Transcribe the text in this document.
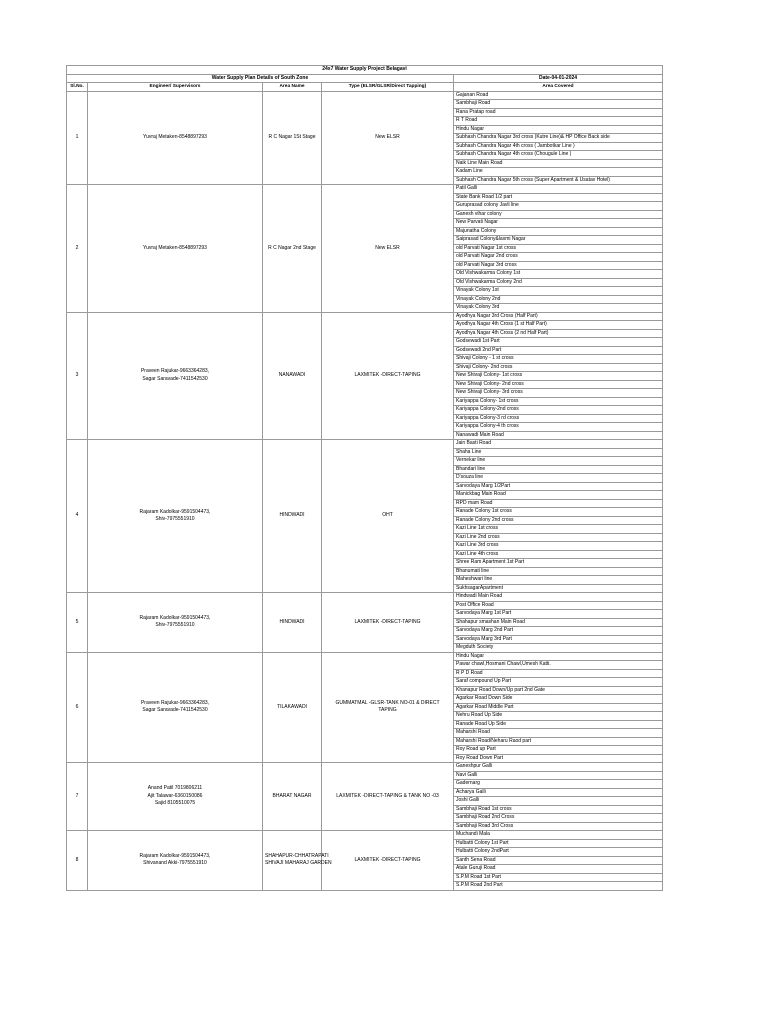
24x7 Water Supply Project Belagavi				
Water Supply Plan Details of South Zone				Date-04-01-2024
Sl.No.	Engineer/ Supervisors	Area Name	Type (ELSR/GLSR/Direct Tapping)	Area Covered
1	Yuvraj Metaken-8548897293	R C Nagar 1St Stage	New ELSR	Gajanan Road
				Sambhaji Road
				Rana Pratap road
				R T Road
				Hindu Nagar
				Subhash Chandra Nagar 3rd cross (Kutre Line)& HP Office Back side
				Subhash Chandra Nagar 4th cross ( Jambotkar Line )
				Subhash Chandra Nagar 4th cross (Chougule Line )
				Naik Line Main Road
				Kadam Line
				Subhash Chandra Nagar 5th cross (Super Apartment & Usatav Hotel)
2	Yuvraj Metaken-8548897293	R C Nagar 2nd Stage	New ELSR	Patil Galli
				State Bank Road 1/2 part
				Guruprasad colony Javli line
				Ganesh vihar colony
				New Parvati Nagar
				Majunatha Colony
				Saiprasad Colony&laxmi Nagar
				old Parvati Nagar 1st cross
				old Parvati Nagar 2nd cross
				old Parvati Nagar 3rd cross
				Old Vishwakarma Colony 1st
				Old Vishwakarma Colony 2nd
				Vinayak Colony 1st
				Vinayak Colony 2nd
				Vinayak Colony 3rd
3	Praveen Rajukar-9663364283,
Sagar Saravade-7411542530	NANAWADI	LAXMITEK -DIRECT-TAPING	Ayodhya Nagar 3rd Cross (Half Part)
				Ayodhya Nagar 4th Cross (1 st Half Part)
				Ayodhya Nagar 4th Cross (2 nd Half Part)
				Godsewadi 1st Part
				Godsewadi 2nd Part
				Shivaji Colony - 1 st cross
				Shivaji Colony- 2nd cross
				New Shivaji Colony- 1st cross
				New Shivaji Colony- 2nd cross
				New Shivaji Colony- 3rd cross
				Kariyappa Colony- 1st cross
				Kariyappa Colony-2nd cross
				Kariyappa Colony-3 rd cross
				Kariyappa Colony-4 th cross
				Nanawadi Main Road
4	Rajaram Kadolkar-9591504473,
Shiv-7975551910	HINDWADI	OHT	Jain Basti Road
				Shaha Line
				Vernekar line
				Bhandari line
				D'souza line
				Sarvodaya Marg 1/2Part
				Manickbag Main Road
				RPD mam Road
				Ranade Colony 1st cross
				Ranade Colony 2nd cross
				Kazi Line 1st cross
				Kazi Line 2nd cross
				Kazi Line 3rd cross
				Kazi Line 4th cross
				Shree Ram Apartment 1st Part
				Bhanumati line
				Maheshwari line
				SukhsagarApartment
5	Rajaram Kadolkar-9591504473,
Shiv-7975551910	HINDWADI	LAXMITEK -DIRECT-TAPING	Hindwadi Main Road
				Post Office Road
				Sarvodaya Marg 1st Part
				Shahapur smashan Main Road
				Sarvodaya Marg 2nd Part
				Sarvodaya Marg 3rd Part
				Megduth Society
6	Praveen Rajukar-9663364283,
Sagar Saravade-7411542530	TILAKAWADI	GUMMATMAL -GLSR-TANK NO-01 & DIRECT
TAPING	Hindu Nagar
				Pawar chawl,Hosmani Chawl,Umesh Katti.
				R P D Road
				Saraf compound Up Part
				Khanapur Road Down/Up part 2nd Gate
				Agarkar Road Down Side
				Agarkar Road Middle Part
				Nehru Road Up Side
				Ranade Road Up Side
				Maharshi Road
				Maharshi Road/Neharu Raod part
				Roy Road up Part
				Roy Road Down Part
7	Anand Patil 7019806211
Ajit Talawar-6360150086
Sajid 8105510075	BHARAT NAGAR	LAXMITEK -DIRECT-TAPING & TANK NO -03	Ganeshpur Galli
				Navi Galli
				Gadernarg
				Acharya Galli
				Joshi Galli
				Sambhaji Road 1st cross
				Sambhaji Road 2nd Cross
				Sambhaji Road 3rd Cross
8	Rajaram Kadolkar-9591504473,
Shivanand Akki-7975551910	SHAHAPUR-CHHATRAPATI
SHIVAJI MAHARAJ GARDEN	LAXMITEK -DIRECT-TAPING	Muchandi Mala
				Hulbatti Colony 1st Part
				Hulbatti Colony 2ndPart
				Santh Sena Road
				Atale Guruji Road
				S.P.M Road 1st Part
				S.P.M Road 2nd Part
